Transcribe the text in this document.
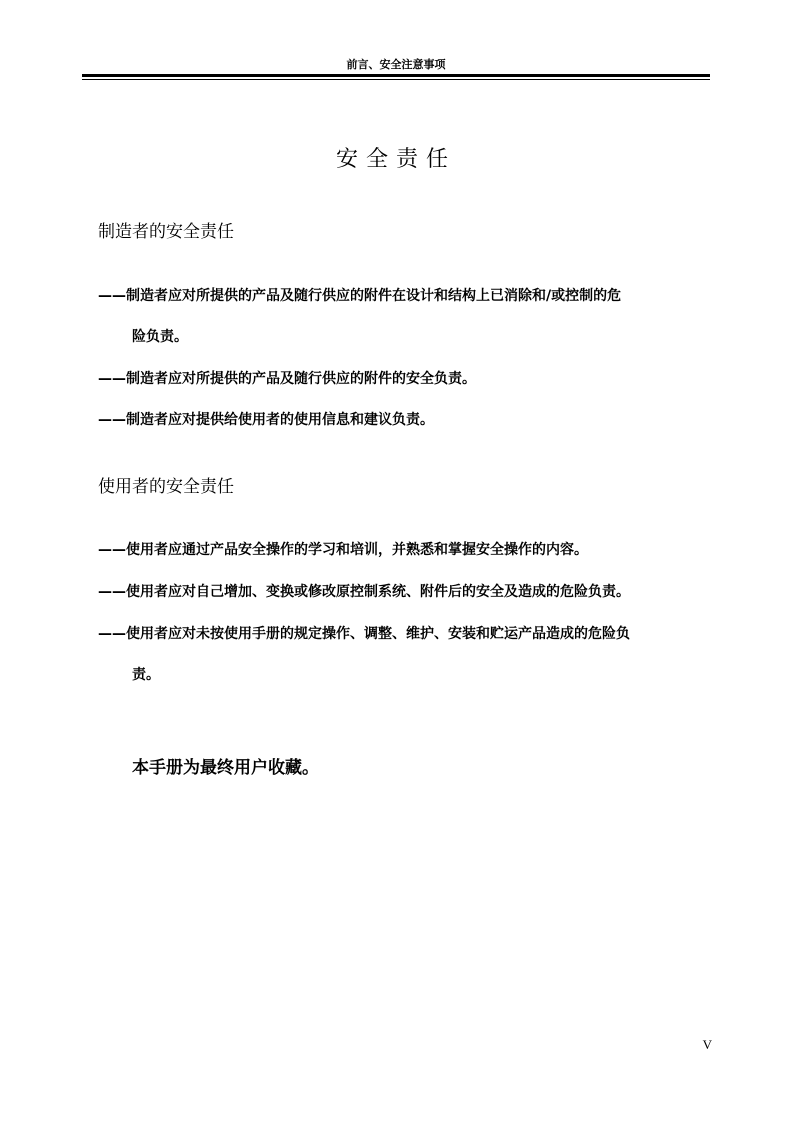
前言、安全注意事项
安全责任
制造者的安全责任
——制造者应对所提供的产品及随行供应的附件在设计和结构上已消除和/或控制的危
险负责。
——制造者应对所提供的产品及随行供应的附件的安全负责。
——制造者应对提供给使用者的使用信息和建议负责。
使用者的安全责任
——使用者应通过产品安全操作的学习和培训，并熟悉和掌握安全操作的内容。
——使用者应对自己增加、变换或修改原控制系统、附件后的安全及造成的危险负责。
——使用者应对未按使用手册的规定操作、调整、维护、安装和贮运产品造成的危险负
责。
本手册为最终用户收藏。
V
